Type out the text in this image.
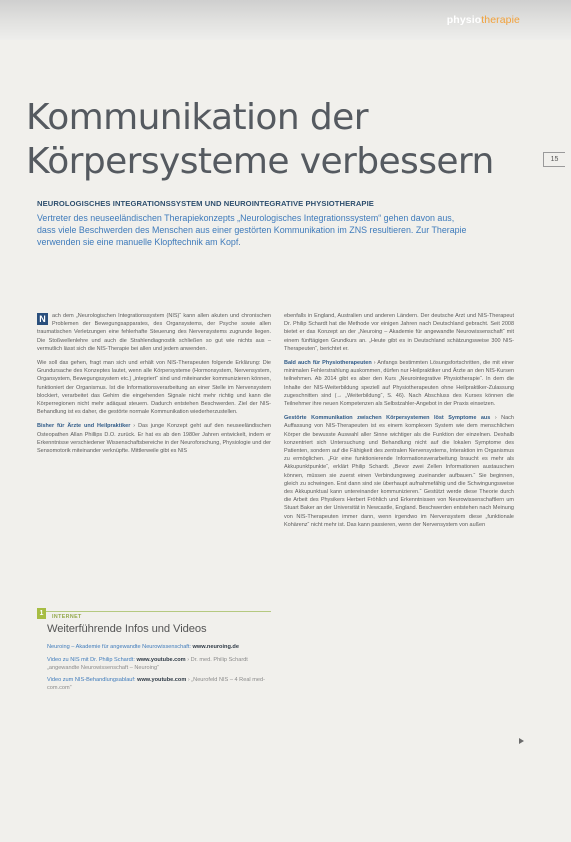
physiotherapie
15
Kommunikation der
Körpersysteme verbessern
NEUROLOGISCHES INTEGRATIONSSYSTEM UND NEUROINTEGRATIVE PHYSIOTHERAPIE
Vertreter des neuseeländischen Therapiekonzepts „Neurologisches Integrationssystem“ gehen davon aus, dass viele Beschwerden des Menschen aus einer gestörten Kommunikation im ZNS resultieren. Zur Therapie verwenden sie eine manuelle Klopftechnik am Kopf.

N	ach dem „Neurologischen Integrationssystem (NIS)“ kann allen akuten und chronischen Problemen der Bewegungsapparates, des Organsystems, der Psyche sowie allen traumatischen Verletzungen eine fehlerhafte Steuerung des Nervensystems zugrunde liegen. Die Stoßwellenlehre und auch die Strahlendiagnostik schließen so gut wie nichts aus – vermutlich lässt sich die NIS-Therapie bei allen und jedem anwenden.

Wie soll das gehen, fragt man sich und erhält von NIS-Therapeuten folgende Erklärung: Die Grundursache des Konzeptes lautet, wenn alle Körpersysteme (Hormonsystem, Nervensystem, Organsystem, Bewegungssystem etc.) „integriert“ sind und miteinander kommunizieren können, funktioniert der Organismus. Ist die Informationsverarbeitung an einer Stelle im Nervensystem blockiert, verarbeitet das Gehirn die eingehenden Signale nicht mehr richtig und kann die Körperregionen nicht mehr adäquat steuern. Dadurch entstehen Beschwerden. Ziel der NIS-Behandlung ist es daher, die gestörte normale Kommunikation wiederherzustellen.

Bisher für Ärzte und Heilpraktiker › Das junge Konzept geht auf den neuseeländischen Osteopathen Allan Phillips D.O. zurück. Er hat es ab den 1980er Jahren entwickelt, indem er Erkenntnisse verschiedener Wissenschaftsbereiche in der Neuroforschung, Physiologie und der Sensomotorik miteinander verknüpfte. Mittlerweile gibt es NIS

1	INTERNET
Weiterführende Infos und Videos
Neuroing – Akademie für angewandte Neurowissenschaft: www.neuroing.de
Video zu NIS mit Dr. Philip Schardt: www.youtube.com › Dr. med. Philip Schardt „angewandte Neurowissenschaft – Neuroing“
Video zum NIS-Behandlungsablauf: www.youtube.com › „Neurofeld NIS – 4 Real med-com.com“

ebenfalls in England, Australien und anderen Ländern. Der deutsche Arzt und NIS-Therapeut Dr. Philip Schardt hat die Methode vor einigen Jahren nach Deutschland gebracht. Seit 2008 bietet er das Konzept an der „Neuroing – Akademie für angewandte Neurowissenschaft“ mit einem fünftägigen Grundkurs an. „Heute gibt es in Deutschland schätzungsweise 300 NIS-Therapeuten“, berichtet er.

Bald auch für Physiotherapeuten › Anfangs bestimmten Lösungsfortschritten, die mit einer minimalen Fehlerstrahlung auskommen, dürfen nur Heilpraktiker und Ärzte an den NIS-Kursen teilnehmen. Ab 2014 gibt es aber den Kurs „Neurointegrative Physiotherapie“. In dem die Inhalte der NIS-Weiterbildung speziell auf Physiotherapeuten ohne Heilpraktiker-Zulassung zugeschnitten sind (→ „Weiterbildung“, S. 46). Nach Abschluss des Kurses können die Teilnehmer ihre neuen Kompetenzen als Selbstzahler-Angebot in der Praxis einsetzen.

Gestörte Kommunikation zwischen Körpersystemen löst Symptome aus › Nach Auffassung von NIS-Therapeuten ist es einem komplexen System wie dem menschlichen Körper die bewusste Auswahl aller Sinne wichtiger als die Funktion der einzelnen. Deshalb konzentriert sich Untersuchung und Behandlung nicht auf die lokalen Symptome des Patienten, sondern auf die Fähigkeit des zentralen Nervensystems, Interaktion im Organismus zu ermöglichen. „Für eine funktionierende Informationsverarbeitung braucht es mehr als Akkupunktpunkte“, erklärt Philip Schardt. „Bevor zwei Zellen Informationen austauschen können, müssen sie zuerst einen Verbindungsweg zueinander aufbauen.“ Sie beginnen, gleich zu schwingen. Erst dann sind sie überhaupt aufnahmefähig und die Schwingungsweise des Akkupunktual kann untereinander kommunizieren.“ Gestützt werde diese Theorie durch die Arbeit des Physikers Herbert Fröhlich und Erkenntnissen von Neurowissenschaftlern um Stuart Baker an der Universität in Newcastle, England. Beschwerden entstehen nach Meinung von NIS-Therapeuten immer dann, wenn irgendwo im Nervensystem diese „funktionale Kohärenz“ nicht mehr ist. Das kann passieren, wenn der Nervensystem von außen
